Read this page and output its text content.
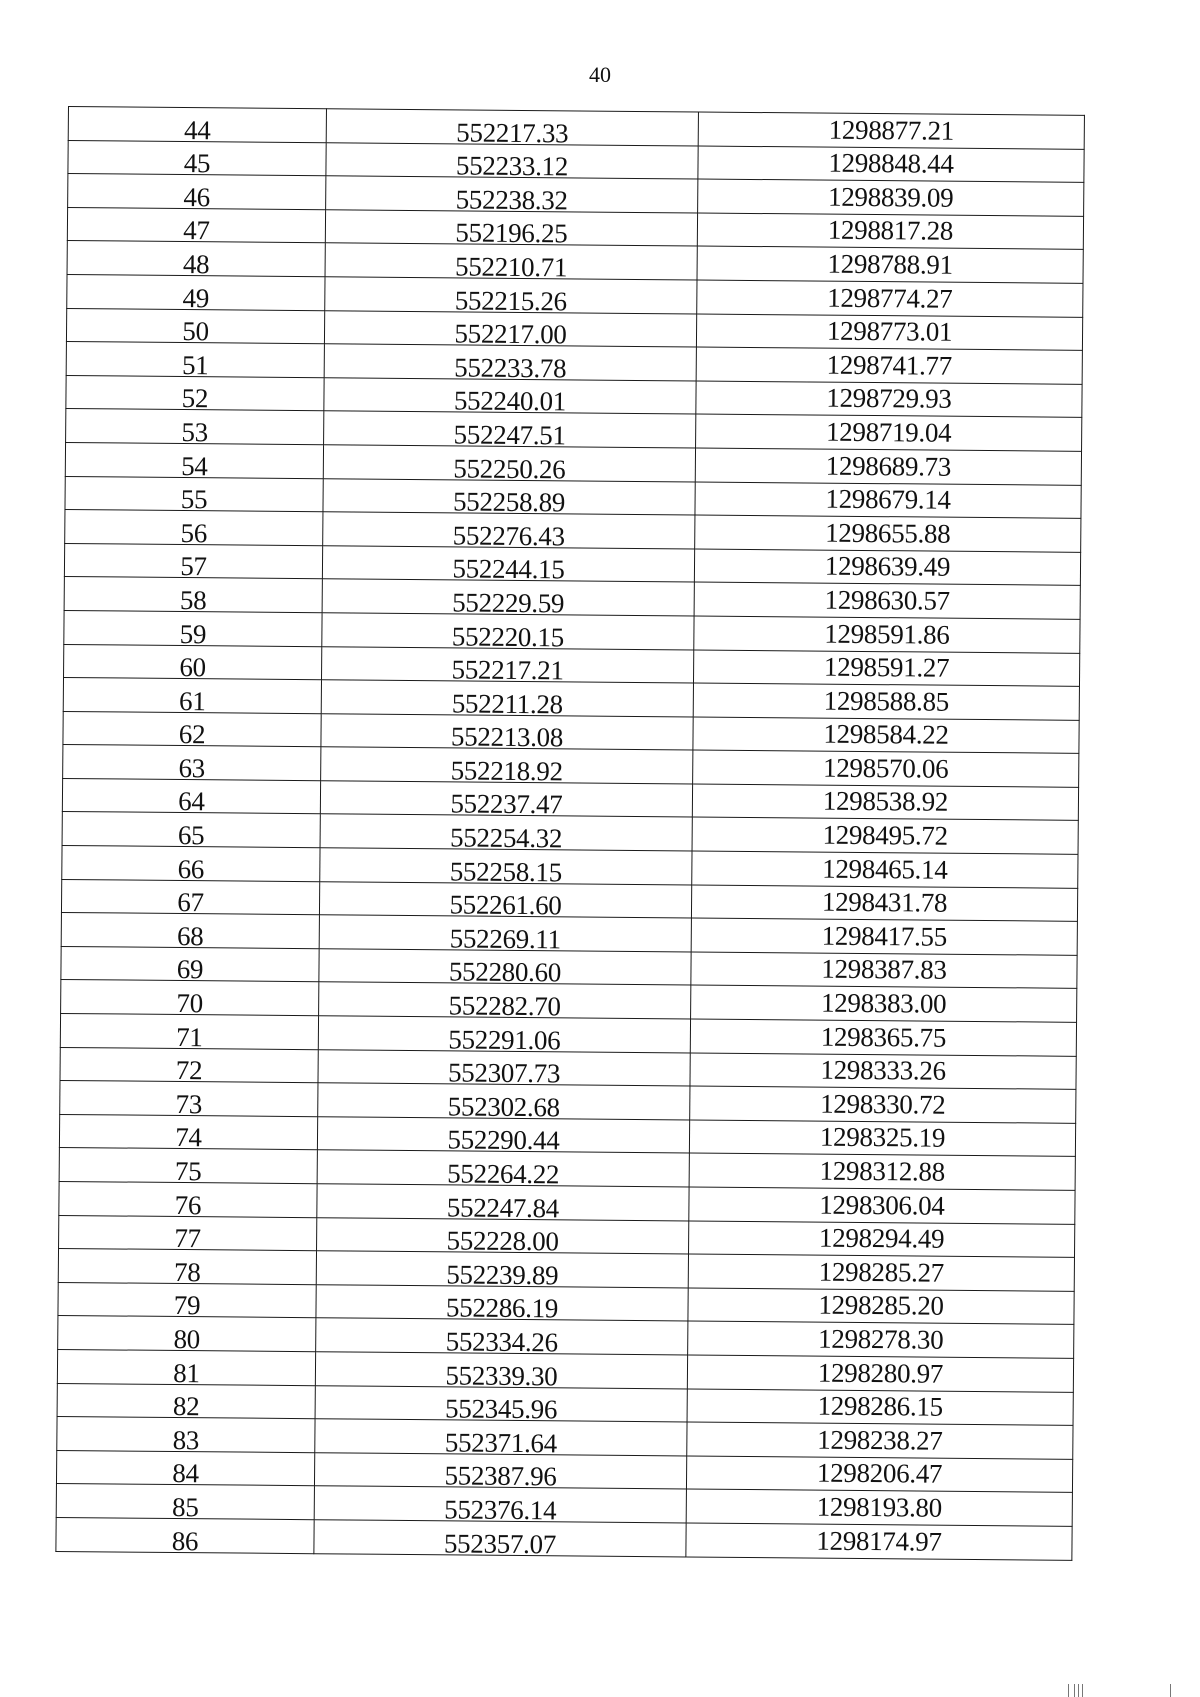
40
44	552217.33	1298877.21
45	552233.12	1298848.44
46	552238.32	1298839.09
47	552196.25	1298817.28
48	552210.71	1298788.91
49	552215.26	1298774.27
50	552217.00	1298773.01
51	552233.78	1298741.77
52	552240.01	1298729.93
53	552247.51	1298719.04
54	552250.26	1298689.73
55	552258.89	1298679.14
56	552276.43	1298655.88
57	552244.15	1298639.49
58	552229.59	1298630.57
59	552220.15	1298591.86
60	552217.21	1298591.27
61	552211.28	1298588.85
62	552213.08	1298584.22
63	552218.92	1298570.06
64	552237.47	1298538.92
65	552254.32	1298495.72
66	552258.15	1298465.14
67	552261.60	1298431.78
68	552269.11	1298417.55
69	552280.60	1298387.83
70	552282.70	1298383.00
71	552291.06	1298365.75
72	552307.73	1298333.26
73	552302.68	1298330.72
74	552290.44	1298325.19
75	552264.22	1298312.88
76	552247.84	1298306.04
77	552228.00	1298294.49
78	552239.89	1298285.27
79	552286.19	1298285.20
80	552334.26	1298278.30
81	552339.30	1298280.97
82	552345.96	1298286.15
83	552371.64	1298238.27
84	552387.96	1298206.47
85	552376.14	1298193.80
86	552357.07	1298174.97
